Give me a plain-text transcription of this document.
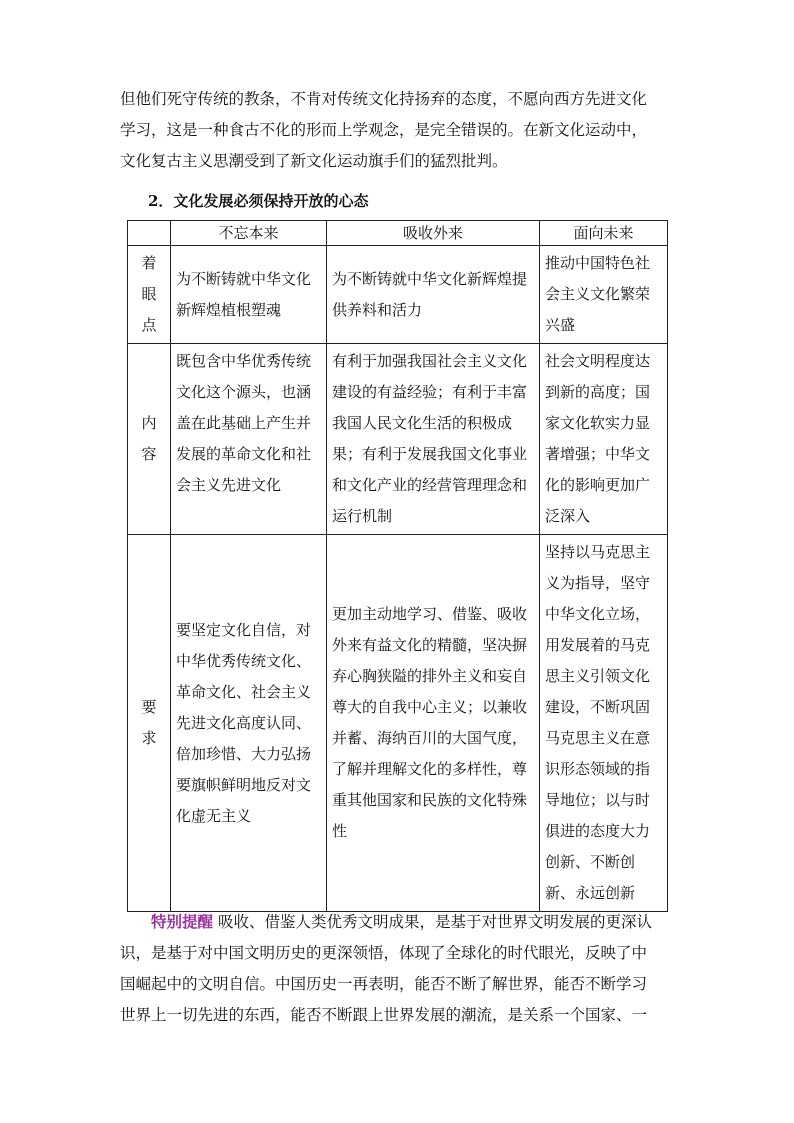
但他们死守传统的教条，不肯对传统文化持扬弃的态度，不愿向西方先进文化
学习，这是一种食古不化的形而上学观念，是完全错误的。在新文化运动中，
文化复古主义思潮受到了新文化运动旗手们的猛烈批判。

2．文化发展必须保持开放的心态

	不忘本来	吸收外来	面向未来

着眼点	为不断铸就中华文化新辉煌植根塑魂	为不断铸就中华文化新辉煌提供养料和活力	推动中国特色社会主义文化繁荣兴盛

内容	既包含中华优秀传统文化这个源头，也涵盖在此基础上产生并发展的革命文化和社会主义先进文化	有利于加强我国社会主义文化建设的有益经验；有利于丰富我国人民文化生活的积极成果；有利于发展我国文化事业和文化产业的经营管理理念和运行机制	社会文明程度达到新的高度；国家文化软实力显著增强；中华文化的影响更加广泛深入

要求	要坚定文化自信，对中华优秀传统文化、革命文化、社会主义先进文化高度认同、倍加珍惜、大力弘扬要旗帜鲜明地反对文化虚无主义	更加主动地学习、借鉴、吸收外来有益文化的精髓，坚决摒弃心胸狭隘的排外主义和妄自尊大的自我中心主义；以兼收并蓄、海纳百川的大国气度，了解并理解文化的多样性，尊重其他国家和民族的文化特殊性	坚持以马克思主义为指导，坚守中华文化立场，用发展着的马克思主义引领文化建设，不断巩固马克思主义在意识形态领域的指导地位；以与时俱进的态度大力创新、不断创新、永远创新
特别提醒 吸收、借鉴人类优秀文明成果，是基于对世界文明发展的更深认
识，是基于对中国文明历史的更深领悟，体现了全球化的时代眼光，反映了中
国崛起中的文明自信。中国历史一再表明，能否不断了解世界，能否不断学习
世界上一切先进的东西，能否不断跟上世界发展的潮流，是关系一个国家、一
